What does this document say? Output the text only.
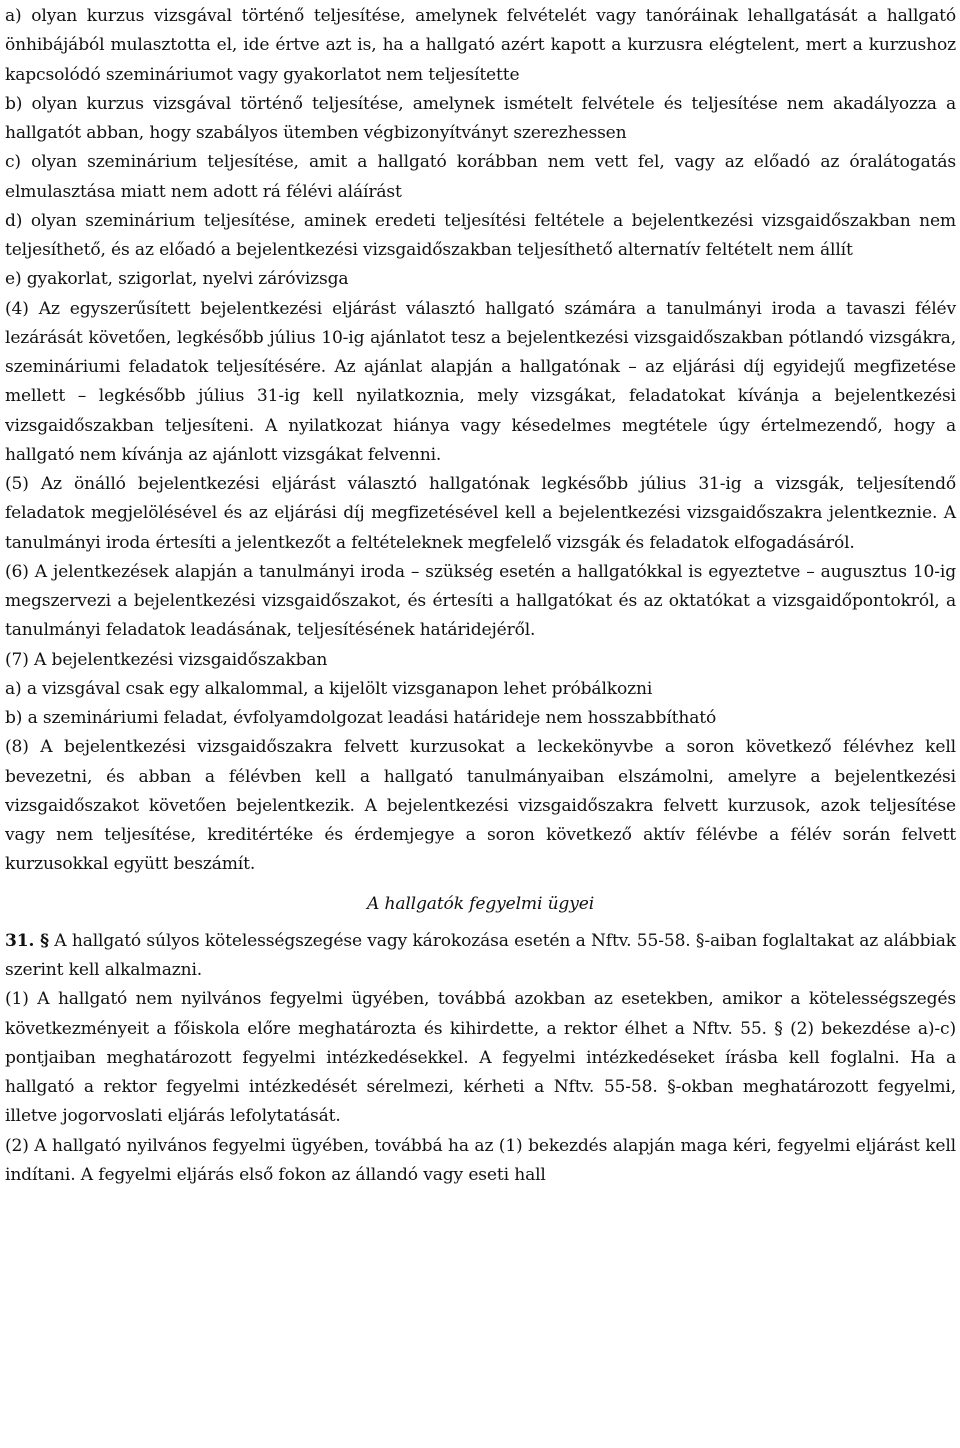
a) olyan kurzus vizsgával történő teljesítése, amelynek felvételét vagy tanóráinak lehallgatását a hallgató önhibájából mulasztotta el, ide értve azt is, ha a hallgató azért kapott a kurzusra elégtelent, mert a kurzushoz kapcsolódó szemináriumot vagy gyakorlatot nem teljesítette

b) olyan kurzus vizsgával történő teljesítése, amelynek ismételt felvétele és teljesítése nem akadályozza a hallgatót abban, hogy szabályos ütemben végbizonyítványt szerezhessen

c) olyan szeminárium teljesítése, amit a hallgató korábban nem vett fel, vagy az előadó az óralátogatás elmulasztása miatt nem adott rá félévi aláírást

d) olyan szeminárium teljesítése, aminek eredeti teljesítési feltétele a bejelentkezési vizsgaidőszakban nem teljesíthető, és az előadó a bejelentkezési vizsgaidőszakban teljesíthető alternatív feltételt nem állít

e) gyakorlat, szigorlat, nyelvi záróvizsga

(4) Az egyszerűsített bejelentkezési eljárást választó hallgató számára a tanulmányi iroda a tavaszi félév lezárását követően, legkésőbb július 10-ig ajánlatot tesz a bejelentkezési vizsgaidőszakban pótlandó vizsgákra, szemináriumi feladatok teljesítésére. Az ajánlat alapján a hallgatónak – az eljárási díj egyidejű megfizetése mellett – legkésőbb július 31-ig kell nyilatkoznia, mely vizsgákat, feladatokat kívánja a bejelentkezési vizsgaidőszakban teljesíteni. A nyilatkozat hiánya vagy késedelmes megtétele úgy értelmezendő, hogy a hallgató nem kívánja az ajánlott vizsgákat felvenni.

(5) Az önálló bejelentkezési eljárást választó hallgatónak legkésőbb július 31-ig a vizsgák, teljesítendő feladatok megjelölésével és az eljárási díj megfizetésével kell a bejelentkezési vizsgaidőszakra jelentkeznie. A tanulmányi iroda értesíti a jelentkezőt a feltételeknek megfelelő vizsgák és feladatok elfogadásáról.

(6) A jelentkezések alapján a tanulmányi iroda – szükség esetén a hallgatókkal is egyeztetve – augusztus 10-ig megszervezi a bejelentkezési vizsgaidőszakot, és értesíti a hallgatókat és az oktatókat a vizsgaidőpontokról, a tanulmányi feladatok leadásának, teljesítésének határidejéről.

(7) A bejelentkezési vizsgaidőszakban

a) a vizsgával csak egy alkalommal, a kijelölt vizsganapon lehet próbálkozni

b) a szemináriumi feladat, évfolyamdolgozat leadási határideje nem hosszabbítható

(8) A bejelentkezési vizsgaidőszakra felvett kurzusokat a leckekönyvbe a soron következő félévhez kell bevezetni, és abban a félévben kell a hallgató tanulmányaiban elszámolni, amelyre a bejelentkezési vizsgaidőszakot követően bejelentkezik. A bejelentkezési vizsgaidőszakra felvett kurzusok, azok teljesítése vagy nem teljesítése, kreditértéke és érdemjegye a soron következő aktív félévbe a félév során felvett kurzusokkal együtt beszámít.

A hallgatók fegyelmi ügyei

31. § A hallgató súlyos kötelességszegése vagy károkozása esetén a Nftv. 55-58. §-aiban foglaltakat az alábbiak szerint kell alkalmazni.

(1) A hallgató nem nyilvános fegyelmi ügyében, továbbá azokban az esetekben, amikor a kötelességszegés következményeit a főiskola előre meghatározta és kihirdette, a rektor élhet a Nftv. 55. § (2) bekezdése a)-c) pontjaiban meghatározott fegyelmi intézkedésekkel. A fegyelmi intézkedéseket írásba kell foglalni. Ha a hallgató a rektor fegyelmi intézkedését sérelmezi, kérheti a Nftv. 55-58. §-okban meghatározott fegyelmi, illetve jogorvoslati eljárás lefolytatását.

(2) A hallgató nyilvános fegyelmi ügyében, továbbá ha az (1) bekezdés alapján maga kéri, fegyelmi eljárást kell indítani. A fegyelmi eljárás első fokon az állandó vagy eseti hall
